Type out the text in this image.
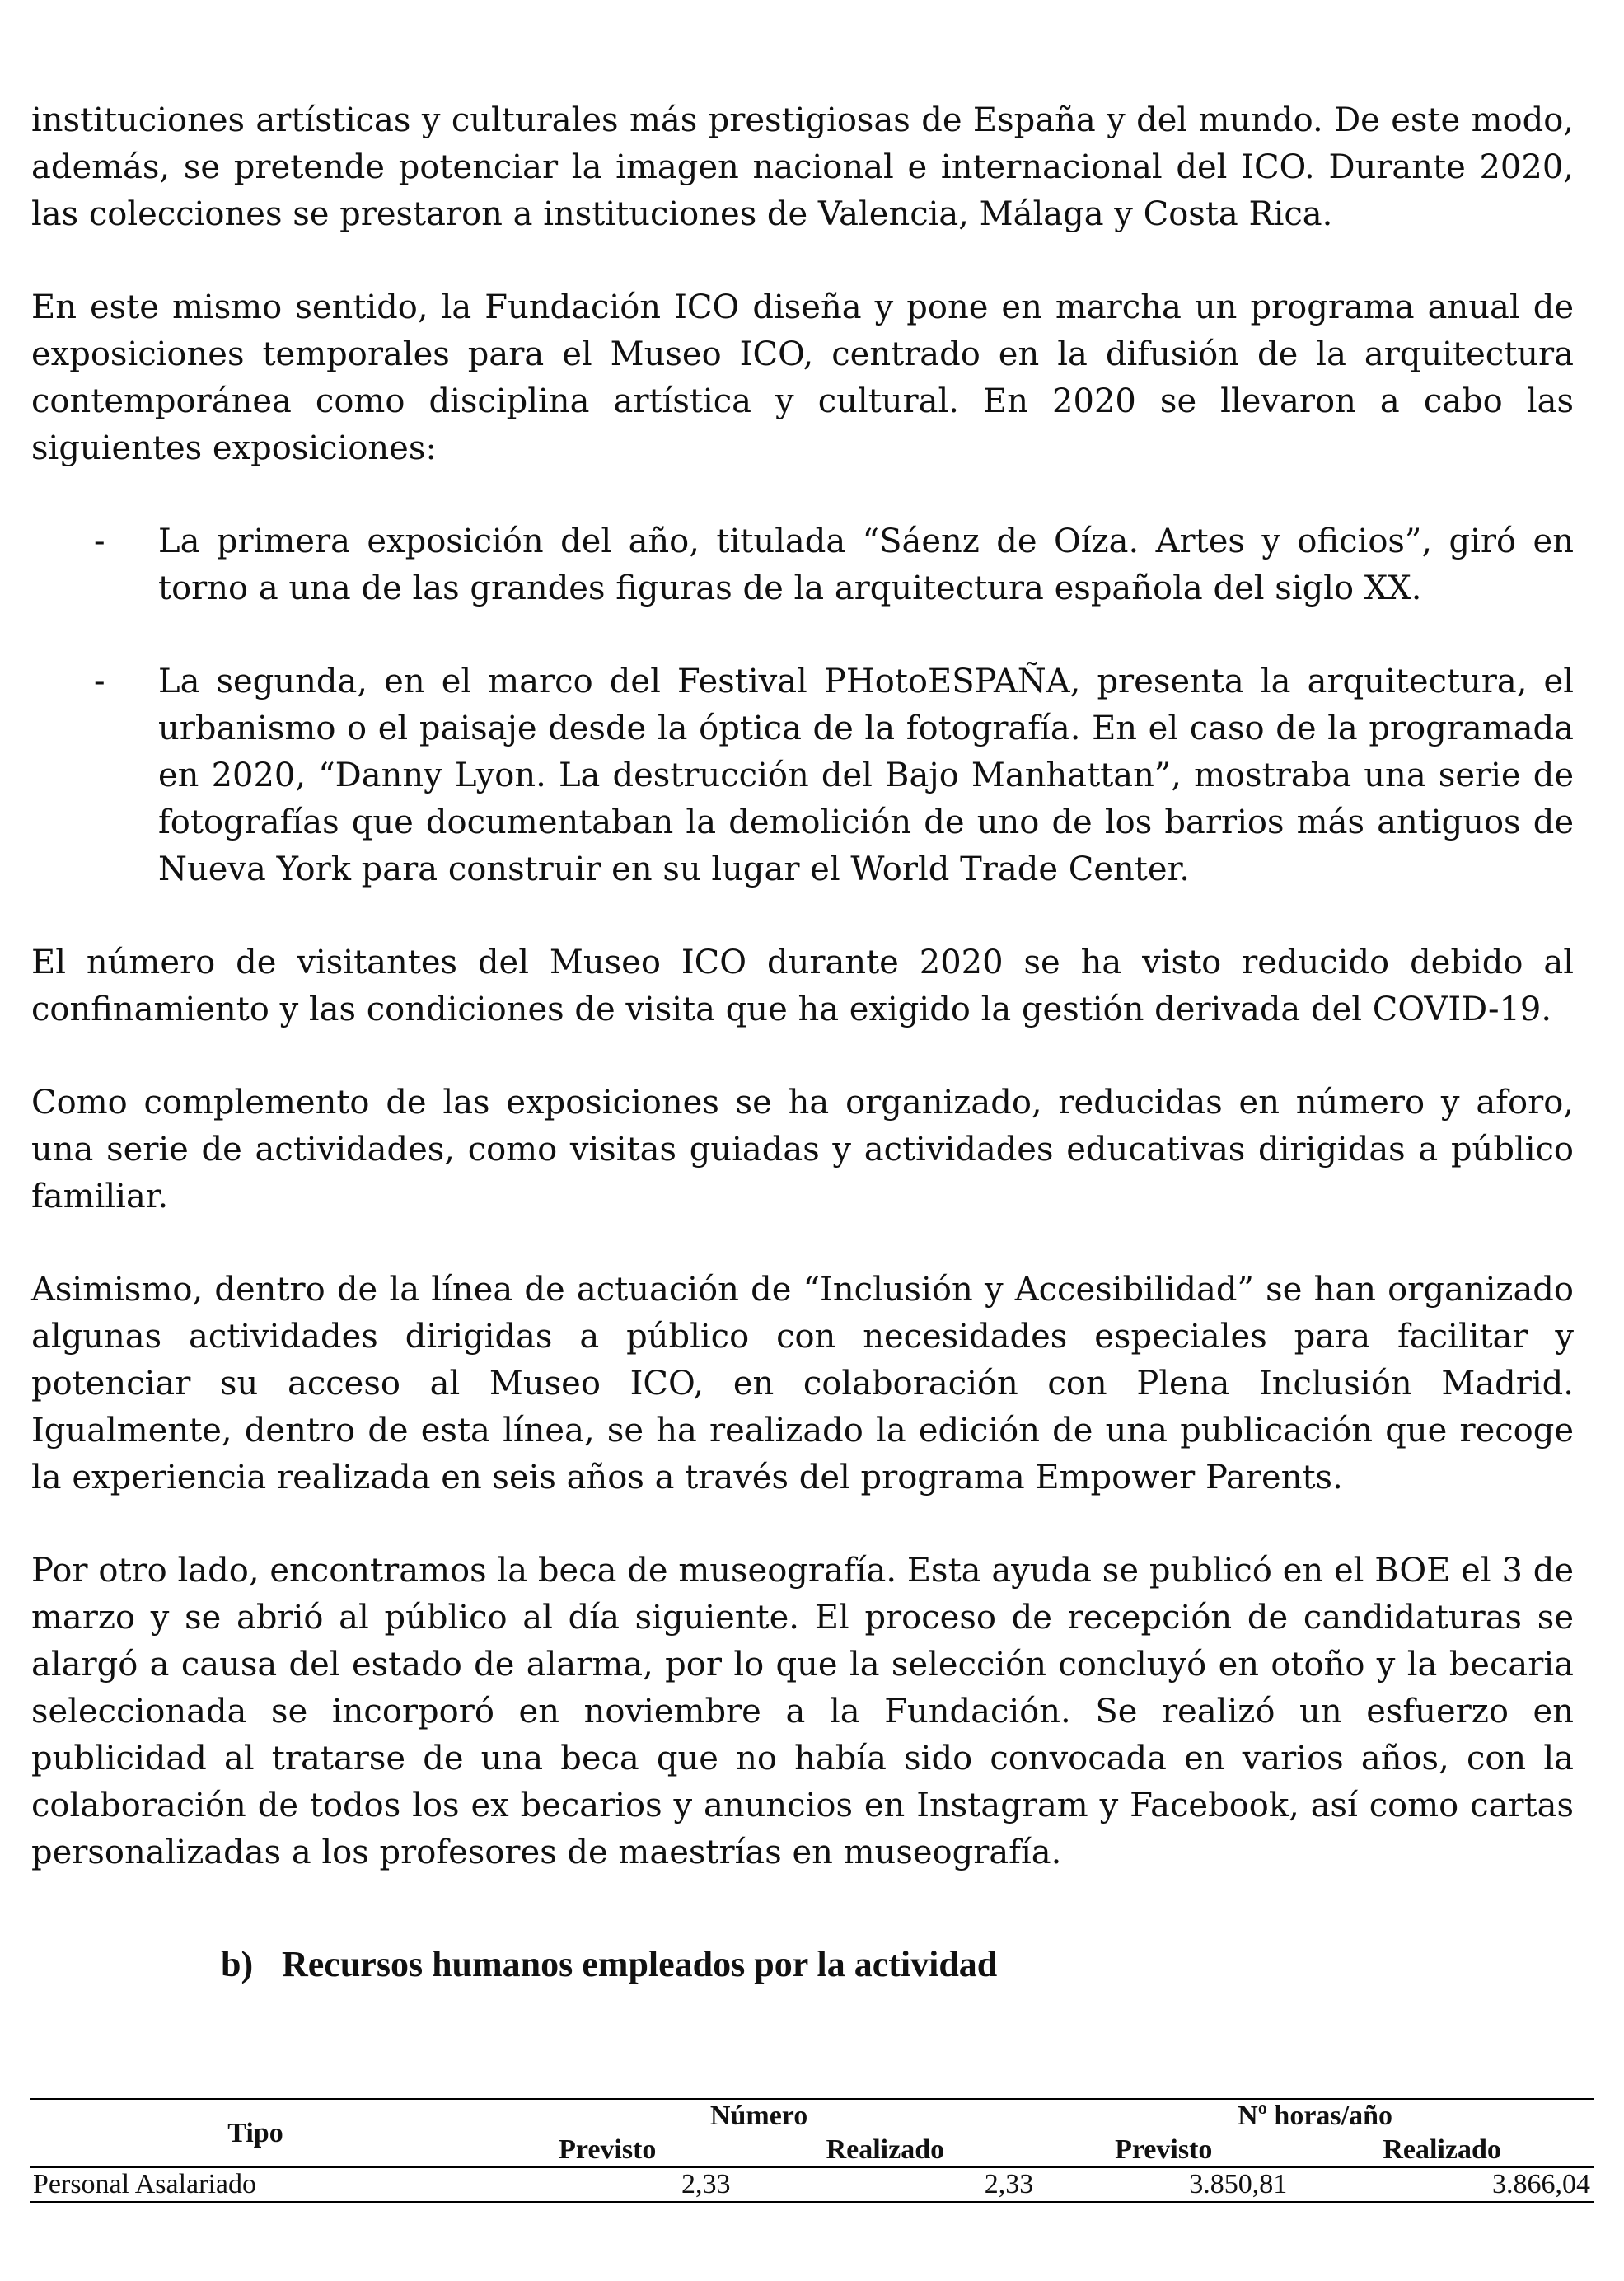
instituciones artísticas y culturales más prestigiosas de España y del mundo. De este modo, además, se pretende potenciar la imagen nacional e internacional del ICO. Durante 2020, las colecciones se prestaron a instituciones de Valencia, Málaga y Costa Rica.

En este mismo sentido, la Fundación ICO diseña y pone en marcha un programa anual de exposiciones temporales para el Museo ICO, centrado en la difusión de la arquitectura contemporánea como disciplina artística y cultural. En 2020 se llevaron a cabo las siguientes exposiciones:

- La primera exposición del año, titulada “Sáenz de Oíza. Artes y oficios”, giró en torno a una de las grandes figuras de la arquitectura española del siglo XX.
- La segunda, en el marco del Festival PHotoESPAÑA, presenta la arquitectura, el urbanismo o el paisaje desde la óptica de la fotografía. En el caso de la programada en 2020, “Danny Lyon. La destrucción del Bajo Manhattan”, mostraba una serie de fotografías que documentaban la demolición de uno de los barrios más antiguos de Nueva York para construir en su lugar el World Trade Center.

El número de visitantes del Museo ICO durante 2020 se ha visto reducido debido al confinamiento y las condiciones de visita que ha exigido la gestión derivada del COVID-19.

Como complemento de las exposiciones se ha organizado, reducidas en número y aforo, una serie de actividades, como visitas guiadas y actividades educativas dirigidas a público familiar.

Asimismo, dentro de la línea de actuación de “Inclusión y Accesibilidad” se han organizado algunas actividades dirigidas a público con necesidades especiales para facilitar y potenciar su acceso al Museo ICO, en colaboración con Plena Inclusión Madrid. Igualmente, dentro de esta línea, se ha realizado la edición de una publicación que recoge la experiencia realizada en seis años a través del programa Empower Parents.

Por otro lado, encontramos la beca de museografía. Esta ayuda se publicó en el BOE el 3 de marzo y se abrió al público al día siguiente. El proceso de recepción de candidaturas se alargó a causa del estado de alarma, por lo que la selección concluyó en otoño y la becaria seleccionada se incorporó en noviembre a la Fundación. Se realizó un esfuerzo en publicidad al tratarse de una beca que no había sido convocada en varios años, con la colaboración de todos los ex becarios y anuncios en Instagram y Facebook, así como cartas personalizadas a los profesores de maestrías en museografía.

b) Recursos humanos empleados por la actividad
Tipo	Número		Nº horas/año	
	Previsto	Realizado	Previsto	Realizado
Personal Asalariado	2,33	2,33	3.850,81	3.866,04
